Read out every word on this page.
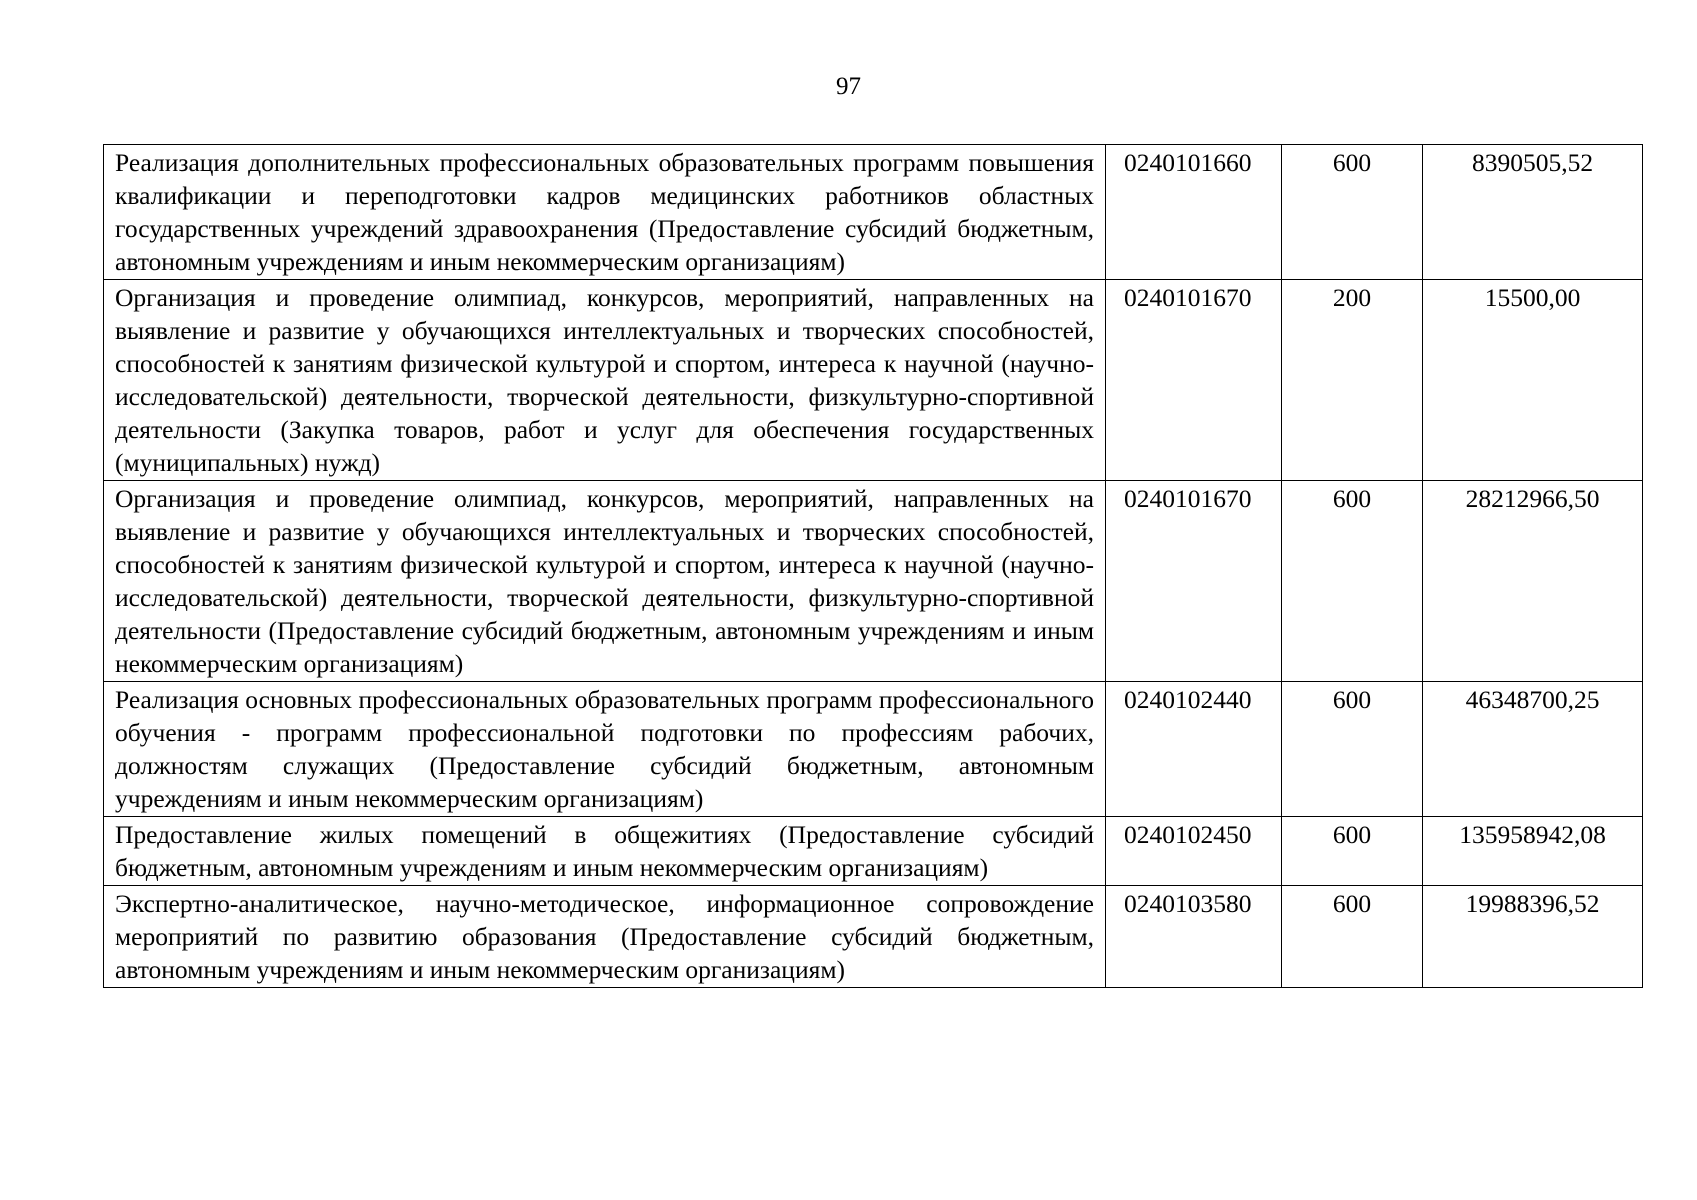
97
Реализация дополнительных профессиональных образовательных программ повышения квалификации и переподготовки кадров медицинских работников областных государственных учреждений здравоохранения (Предоставление субсидий бюджетным, автономным учреждениям и иным некоммерческим организациям)	0240101660	600	8390505,52
Организация и проведение олимпиад, конкурсов, мероприятий, направленных на выявление и развитие у обучающихся интеллектуальных и творческих способностей, способностей к занятиям физической культурой и спортом, интереса к научной (научно-исследовательской) деятельности, творческой деятельности, физкультурно-спортивной деятельности (Закупка товаров, работ и услуг для обеспечения государственных (муниципальных) нужд)	0240101670	200	15500,00
Организация и проведение олимпиад, конкурсов, мероприятий, направленных на выявление и развитие у обучающихся интеллектуальных и творческих способностей, способностей к занятиям физической культурой и спортом, интереса к научной (научно-исследовательской) деятельности, творческой деятельности, физкультурно-спортивной деятельности (Предоставление субсидий бюджетным, автономным учреждениям и иным некоммерческим организациям)	0240101670	600	28212966,50
Реализация основных профессиональных образовательных программ профессионального обучения - программ профессиональной подготовки по профессиям рабочих, должностям служащих (Предоставление субсидий бюджетным, автономным учреждениям и иным некоммерческим организациям)	0240102440	600	46348700,25
Предоставление жилых помещений в общежитиях (Предоставление субсидий бюджетным, автономным учреждениям и иным некоммерческим организациям)	0240102450	600	135958942,08
Экспертно-аналитическое, научно-методическое, информационное сопровождение мероприятий по развитию образования (Предоставление субсидий бюджетным, автономным учреждениям и иным некоммерческим организациям)	0240103580	600	19988396,52
